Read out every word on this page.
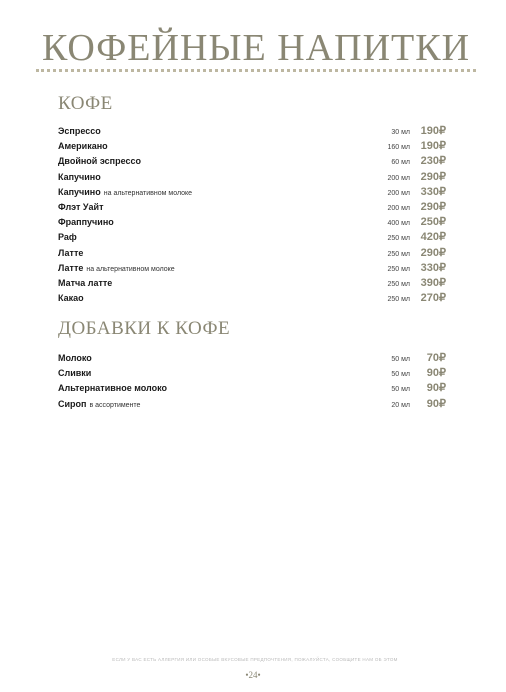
КОФЕЙНЫЕ НАПИТКИ
КОФЕ
Эспрессо	30 мл 190₽
Американо	160 мл 190₽
Двойной эспрессо	60 мл 230₽
Капучино	200 мл 290₽
Капучино на альтернативном молоке	200 мл 330₽
Флэт Уайт	200 мл 290₽
Фраппучино	400 мл 250₽
Раф	250 мл 420₽
Латте	250 мл 290₽
Латте на альтернативном молоке	250 мл 330₽
Матча латте	250 мл 390₽
Какао	250 мл 270₽
ДОБАВКИ К КОФЕ
Молоко	50 мл 70₽
Сливки	50 мл 90₽
Альтернативное молоко	50 мл 90₽
Сироп в ассортименте	20 мл 90₽
ЕСЛИ У ВАС ЕСТЬ АЛЛЕРГИЯ ИЛИ ОСОБЫЕ ВКУСОВЫЕ ПРЕДПОЧТЕНИЯ, ПОЖАЛУЙСТА, СООБЩИТЕ НАМ ОБ ЭТОМ
•24•
